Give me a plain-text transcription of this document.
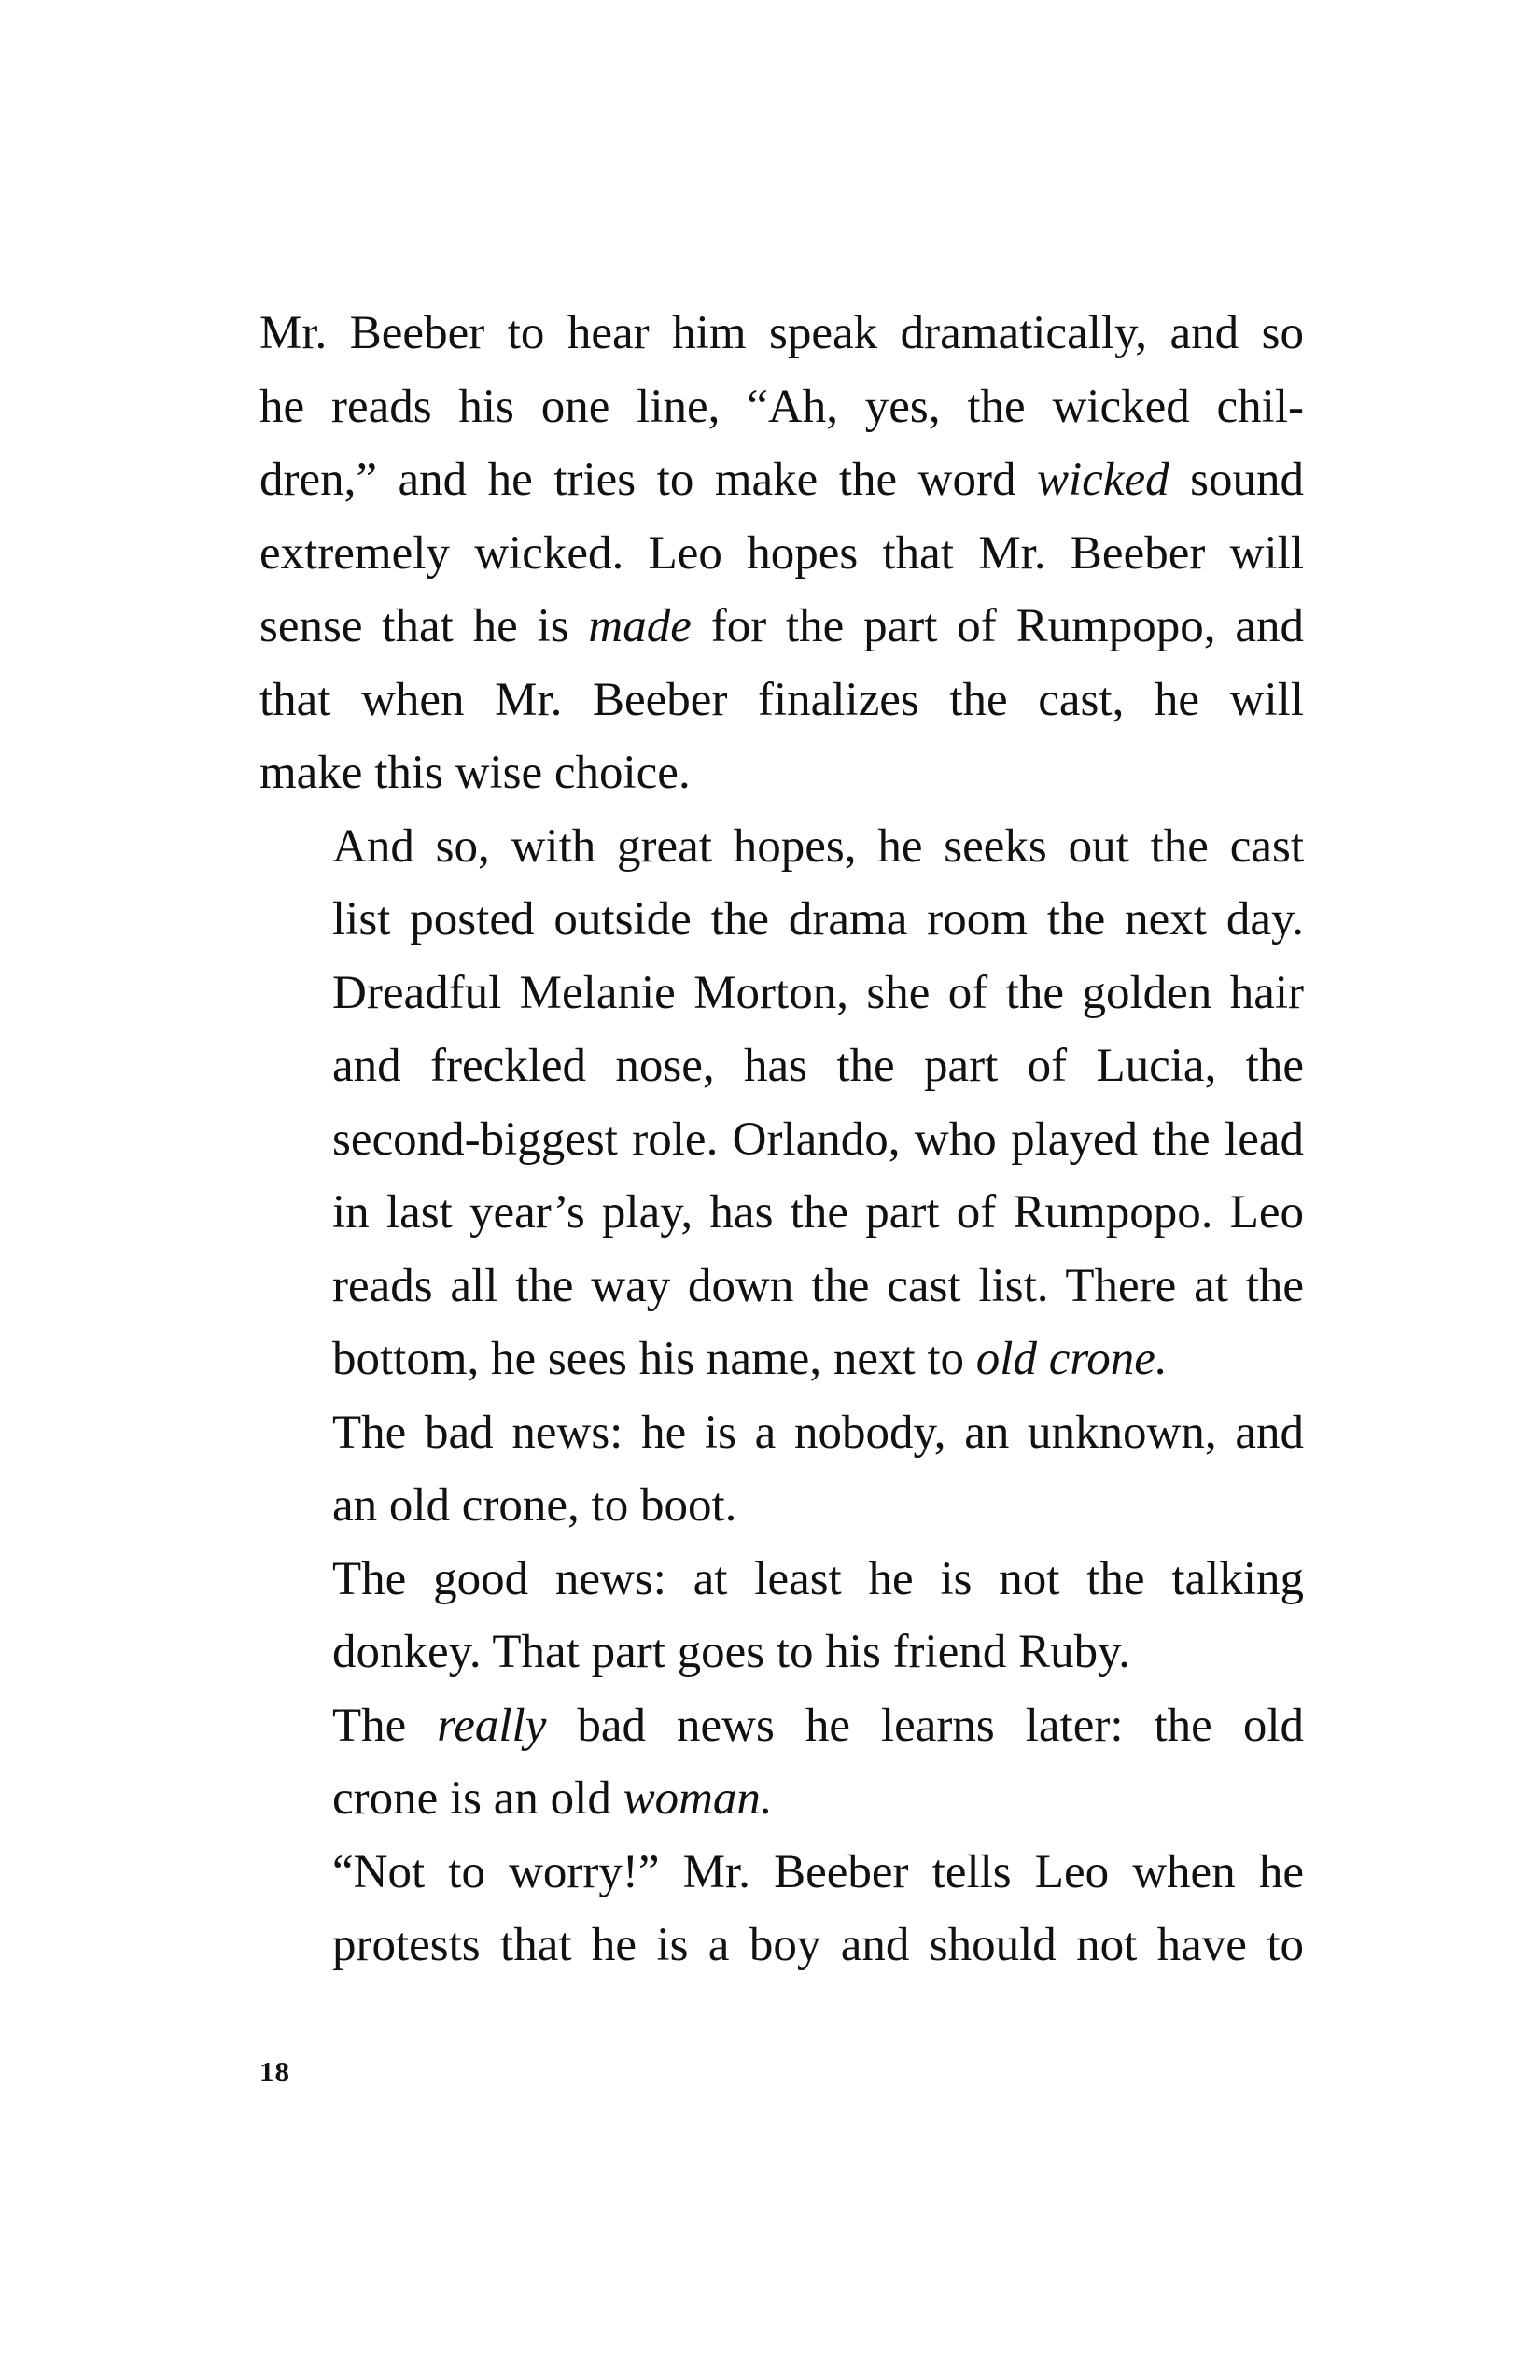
Mr. Beeber to hear him speak dramatically, and so
he reads his one line, “Ah, yes, the wicked chil-
dren,” and he tries to make the word wicked sound
extremely wicked. Leo hopes that Mr. Beeber will
sense that he is made for the part of Rumpopo, and
that when Mr. Beeber finalizes the cast, he will
make this wise choice.

And so, with great hopes, he seeks out the cast
list posted outside the drama room the next day.
Dreadful Melanie Morton, she of the golden hair
and freckled nose, has the part of Lucia, the
second-biggest role. Orlando, who played the lead
in last year’s play, has the part of Rumpopo. Leo
reads all the way down the cast list. There at the
bottom, he sees his name, next to old crone.

The bad news: he is a nobody, an unknown, and
an old crone, to boot.

The good news: at least he is not the talking
donkey. That part goes to his friend Ruby.

The really bad news he learns later: the old
crone is an old woman.

“Not to worry!” Mr. Beeber tells Leo when he
protests that he is a boy and should not have to

18
